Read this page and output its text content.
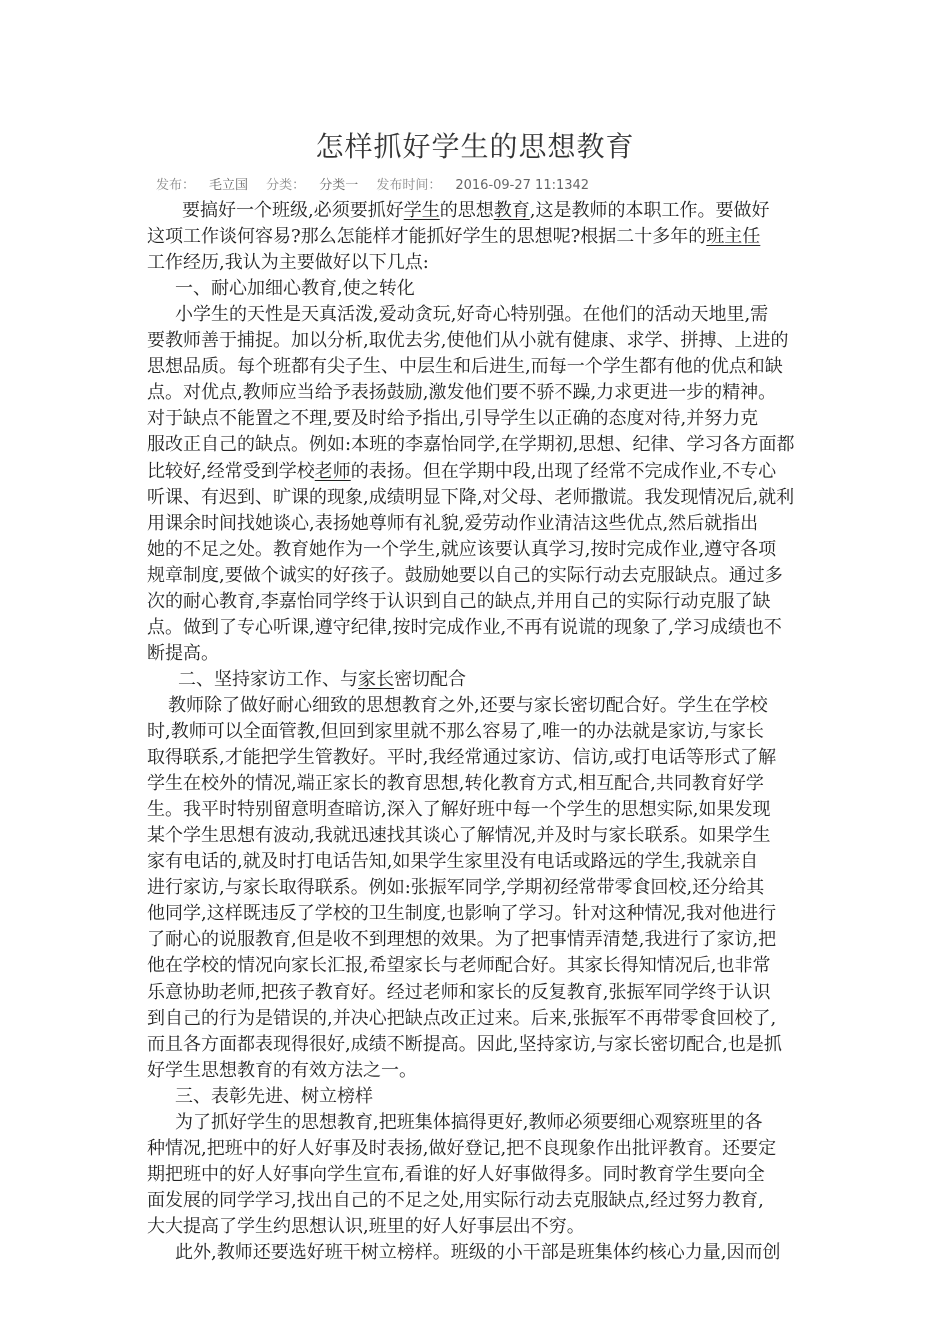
怎样抓好学生的思想教育
发布： 毛立国 分类： 分类一 发布时间： 2016-09-27 11:1342
要搞好一个班级,必须要抓好学生的思想教育,这是教师的本职工作。要做好
这项工作谈何容易?那么怎能样才能抓好学生的思想呢?根据二十多年的班主任
工作经历,我认为主要做好以下几点:
一、耐心加细心教育,使之转化
小学生的天性是天真活泼,爱动贪玩,好奇心特别强。在他们的活动天地里,需
要教师善于捕捉。加以分析,取优去劣,使他们从小就有健康、求学、拼搏、上进的
思想品质。每个班都有尖子生、中层生和后进生,而每一个学生都有他的优点和缺
点。对优点,教师应当给予表扬鼓励,激发他们要不骄不躁,力求更进一步的精神。
对于缺点不能置之不理,要及时给予指出,引导学生以正确的态度对待,并努力克
服改正自己的缺点。例如:本班的李嘉怡同学,在学期初,思想、纪律、学习各方面都
比较好,经常受到学校老师的表扬。但在学期中段,出现了经常不完成作业,不专心
听课、有迟到、旷课的现象,成绩明显下降,对父母、老师撒谎。我发现情况后,就利
用课余时间找她谈心,表扬她尊师有礼貌,爱劳动作业清洁这些优点,然后就指出
她的不足之处。教育她作为一个学生,就应该要认真学习,按时完成作业,遵守各项
规章制度,要做个诚实的好孩子。鼓励她要以自己的实际行动去克服缺点。通过多
次的耐心教育,李嘉怡同学终于认识到自己的缺点,并用自己的实际行动克服了缺
点。做到了专心听课,遵守纪律,按时完成作业,不再有说谎的现象了,学习成绩也不
断提高。
二、坚持家访工作、与家长密切配合
教师除了做好耐心细致的思想教育之外,还要与家长密切配合好。学生在学校
时,教师可以全面管教,但回到家里就不那么容易了,唯一的办法就是家访,与家长
取得联系,才能把学生管教好。平时,我经常通过家访、信访,或打电话等形式了解
学生在校外的情况,端正家长的教育思想,转化教育方式,相互配合,共同教育好学
生。我平时特别留意明查暗访,深入了解好班中每一个学生的思想实际,如果发现
某个学生思想有波动,我就迅速找其谈心了解情况,并及时与家长联系。如果学生
家有电话的,就及时打电话告知,如果学生家里没有电话或路远的学生,我就亲自
进行家访,与家长取得联系。例如:张振军同学,学期初经常带零食回校,还分给其
他同学,这样既违反了学校的卫生制度,也影响了学习。针对这种情况,我对他进行
了耐心的说服教育,但是收不到理想的效果。为了把事情弄清楚,我进行了家访,把
他在学校的情况向家长汇报,希望家长与老师配合好。其家长得知情况后,也非常
乐意协助老师,把孩子教育好。经过老师和家长的反复教育,张振军同学终于认识
到自己的行为是错误的,并决心把缺点改正过来。后来,张振军不再带零食回校了,
而且各方面都表现得很好,成绩不断提高。因此,坚持家访,与家长密切配合,也是抓
好学生思想教育的有效方法之一。
三、表彰先进、树立榜样
为了抓好学生的思想教育,把班集体搞得更好,教师必须要细心观察班里的各
种情况,把班中的好人好事及时表扬,做好登记,把不良现象作出批评教育。还要定
期把班中的好人好事向学生宣布,看谁的好人好事做得多。同时教育学生要向全
面发展的同学学习,找出自己的不足之处,用实际行动去克服缺点,经过努力教育,
大大提高了学生约思想认识,班里的好人好事层出不穷。
此外,教师还要选好班干树立榜样。班级的小干部是班集体约核心力量,因而创
